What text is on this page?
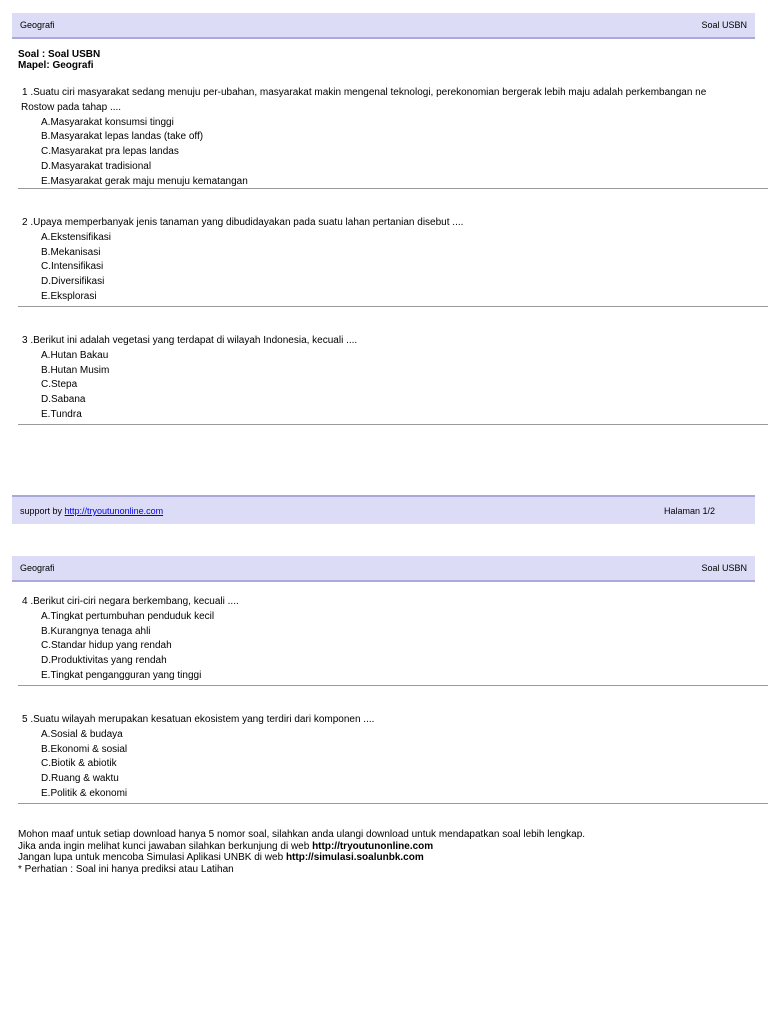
Geografi	Soal USBN
Soal : Soal USBN
Mapel: Geografi
1 .Suatu ciri masyarakat sedang menuju per-ubahan, masyarakat makin mengenal teknologi, perekonomian bergerak lebih maju adalah perkembangan ne
Rostow pada tahap ....
A.Masyarakat konsumsi tinggi
B.Masyarakat lepas landas (take off)
C.Masyarakat pra lepas landas
D.Masyarakat tradisional
E.Masyarakat gerak maju menuju kematangan
2 .Upaya memperbanyak jenis tanaman yang dibudidayakan pada suatu lahan pertanian disebut ....
A.Ekstensifikasi
B.Mekanisasi
C.Intensifikasi
D.Diversifikasi
E.Eksplorasi
3 .Berikut ini adalah vegetasi yang terdapat di wilayah Indonesia, kecuali ....
A.Hutan Bakau
B.Hutan Musim
C.Stepa
D.Sabana
E.Tundra
support by http://tryoutunonline.com	Halaman 1/2
Geografi	Soal USBN
4 .Berikut ciri-ciri negara berkembang, kecuali ....
A.Tingkat pertumbuhan penduduk kecil
B.Kurangnya tenaga ahli
C.Standar hidup yang rendah
D.Produktivitas yang rendah
E.Tingkat pengangguran yang tinggi
5 .Suatu wilayah merupakan kesatuan ekosistem yang terdiri dari komponen ....
A.Sosial & budaya
B.Ekonomi & sosial
C.Biotik & abiotik
D.Ruang & waktu
E.Politik & ekonomi
Mohon maaf untuk setiap download hanya 5 nomor soal, silahkan anda ulangi download untuk mendapatkan soal lebih lengkap.
Jika anda ingin melihat kunci jawaban silahkan berkunjung di web http://tryoutunonline.com
Jangan lupa untuk mencoba Simulasi Aplikasi UNBK di web http://simulasi.soalunbk.com
* Perhatian : Soal ini hanya prediksi atau Latihan
